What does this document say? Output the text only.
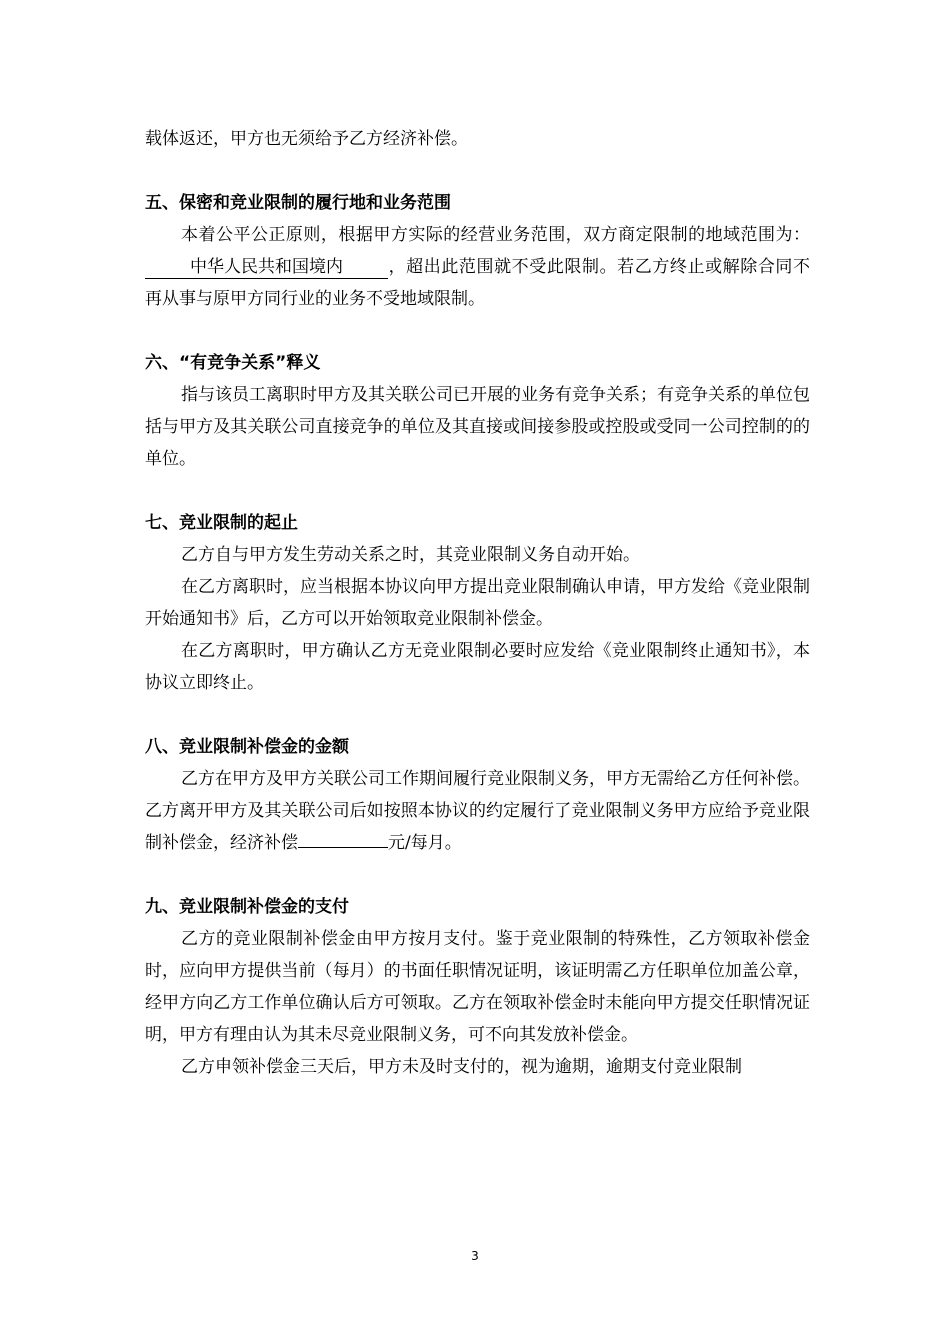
载体返还，甲方也无须给予乙方经济补偿。

五、保密和竞业限制的履行地和业务范围

本着公平公正原则，根据甲方实际的经营业务范围，双方商定限制的地域范围为：中华人民共和国境内	，超出此范围就不受此限制。若乙方终止或解除合同不再从事与原甲方同行业的业务不受地域限制。

六、“有竞争关系”释义

指与该员工离职时甲方及其关联公司已开展的业务有竞争关系；有竞争关系的单位包括与甲方及其关联公司直接竞争的单位及其直接或间接参股或控股或受同一公司控制的的单位。

七、竞业限制的起止

乙方自与甲方发生劳动关系之时，其竞业限制义务自动开始。

在乙方离职时，应当根据本协议向甲方提出竞业限制确认申请，甲方发给《竞业限制开始通知书》后，乙方可以开始领取竞业限制补偿金。

在乙方离职时，甲方确认乙方无竞业限制必要时应发给《竞业限制终止通知书》，本协议立即终止。

八、竞业限制补偿金的金额

乙方在甲方及甲方关联公司工作期间履行竞业限制义务，甲方无需给乙方任何补偿。乙方离开甲方及其关联公司后如按照本协议的约定履行了竞业限制义务甲方应给予竞业限制补偿金，经济补偿	元/每月。

九、竞业限制补偿金的支付

乙方的竞业限制补偿金由甲方按月支付。鉴于竞业限制的特殊性，乙方领取补偿金时，应向甲方提供当前（每月）的书面任职情况证明，该证明需乙方任职单位加盖公章，经甲方向乙方工作单位确认后方可领取。乙方在领取补偿金时未能向甲方提交任职情况证明，甲方有理由认为其未尽竞业限制义务，可不向其发放补偿金。

乙方申领补偿金三天后，甲方未及时支付的，视为逾期，逾期支付竞业限制

3
